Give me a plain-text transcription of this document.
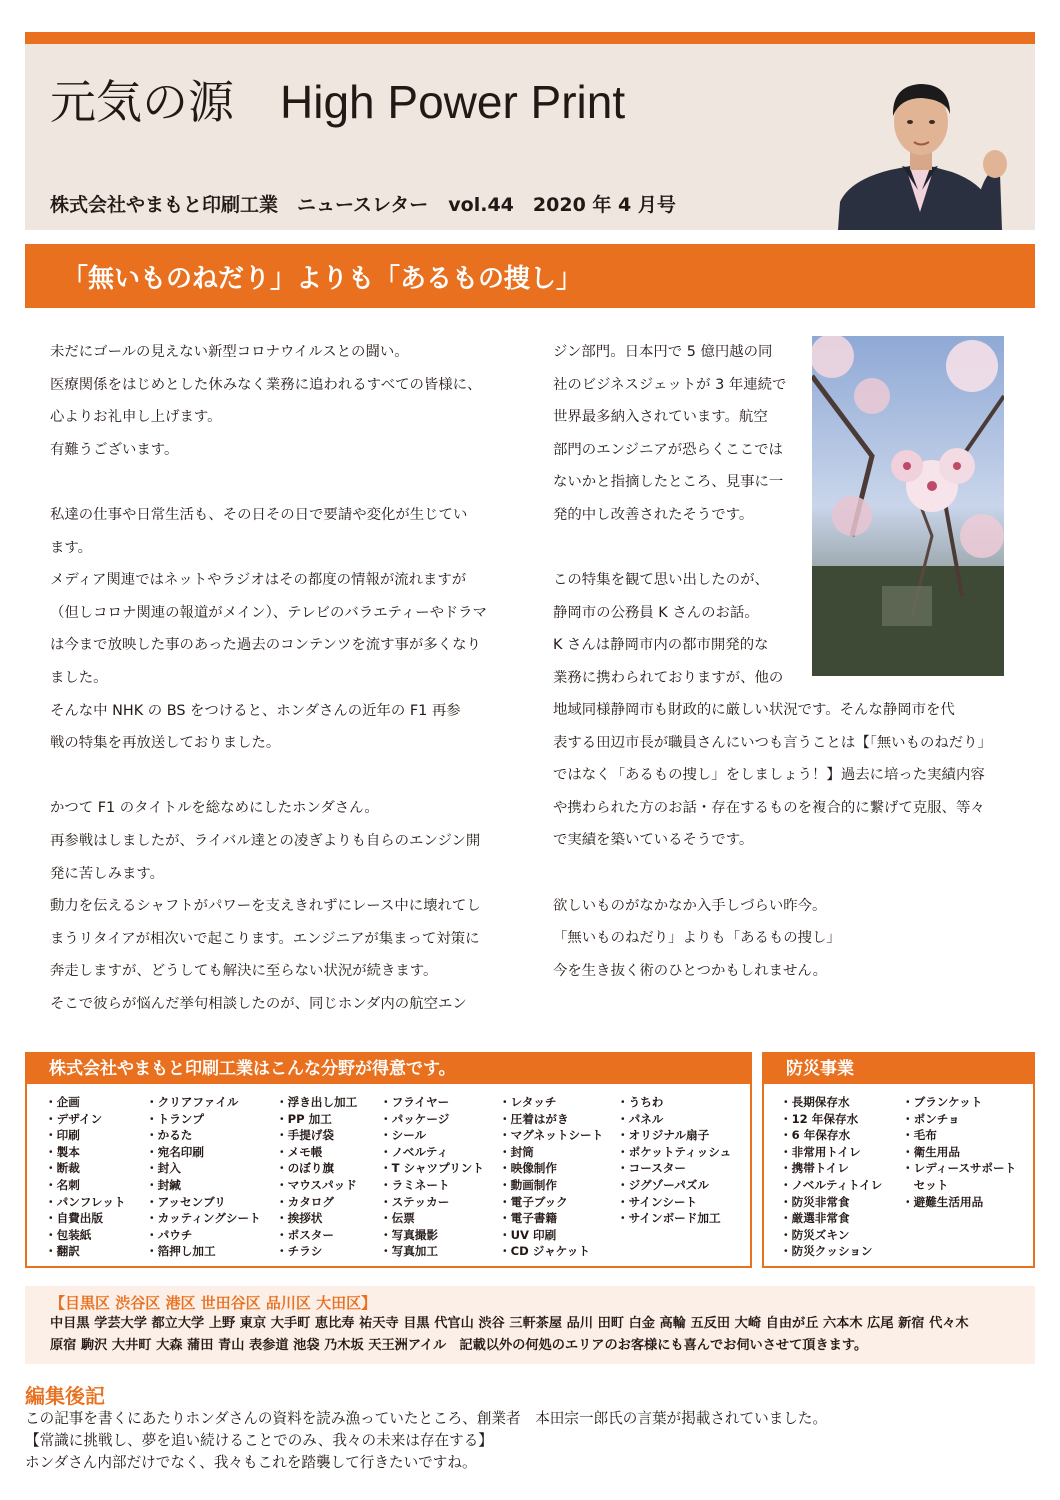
元気の源　High Power Print
株式会社やまもと印刷工業　ニュースレター vol.44　2020 年 4 月号
「無いものねだり」よりも「あるもの捜し」

未だにゴールの見えない新型コロナウイルスとの闘い。

医療関係をはじめとした休みなく業務に追われるすべての皆様に、

心よりお礼申し上げます。

有難うございます。

私達の仕事や日常生活も、その日その日で要請や変化が生じてい

ます。

メディア関連ではネットやラジオはその都度の情報が流れますが

（但しコロナ関連の報道がメイン）、テレビのバラエティーやドラマ

は今まで放映した事のあった過去のコンテンツを流す事が多くなり

ました。

そんな中 NHK の BS をつけると、ホンダさんの近年の F1 再参

戦の特集を再放送しておりました。

かつて F1 のタイトルを総なめにしたホンダさん。

再参戦はしましたが、ライバル達との凌ぎよりも自らのエンジン開

発に苦しみます。

動力を伝えるシャフトがパワーを支えきれずにレース中に壊れてし

まうリタイアが相次いで起こります。エンジニアが集まって対策に

奔走しますが、どうしても解決に至らない状況が続きます。

そこで彼らが悩んだ挙句相談したのが、同じホンダ内の航空エン

ジン部門。日本円で 5 億円越の同

社のビジネスジェットが 3 年連続で

世界最多納入されています。航空

部門のエンジニアが恐らくここでは

ないかと指摘したところ、見事に一

発的中し改善されたそうです。

この特集を観て思い出したのが、

静岡市の公務員 K さんのお話。

K さんは静岡市内の都市開発的な

業務に携わられておりますが、他の

地域同様静岡市も財政的に厳しい状況です。そんな静岡市を代

表する田辺市長が職員さんにいつも言うことは【「無いものねだり」

ではなく「あるもの捜し」をしましょう！】過去に培った実績内容

や携わられた方のお話・存在するものを複合的に繋げて克服、等々

で実績を築いているそうです。

欲しいものがなかなか入手しづらい昨今。

「無いものねだり」よりも「あるもの捜し」

今を生き抜く術のひとつかもしれません。

株式会社やまもと印刷工業はこんな分野が得意です。
・企画
・デザイン
・印刷
・製本
・断裁
・名刺
・パンフレット
・自費出版
・包装紙
・翻訳
・クリアファイル
・トランプ
・かるた
・宛名印刷
・封入
・封緘
・アッセンブリ
・カッティングシート
・パウチ
・箔押し加工
・浮き出し加工
・PP 加工
・手提げ袋
・メモ帳
・のぼり旗
・マウスパッド
・カタログ
・挨拶状
・ポスター
・チラシ
・フライヤー
・パッケージ
・シール
・ノベルティ
・T シャツプリント
・ラミネート
・ステッカー
・伝票
・写真撮影
・写真加工
・レタッチ
・圧着はがき
・マグネットシート
・封筒
・映像制作
・動画制作
・電子ブック
・電子書籍
・UV 印刷
・CD ジャケット
・うちわ
・パネル
・オリジナル扇子
・ポケットティッシュ
・コースター
・ジグゾーパズル
・サインシート
・サインボード加工
防災事業
・長期保存水
・12 年保存水
・6 年保存水
・非常用トイレ
・携帯トイレ
・ノベルティトイレ
・防災非常食
・厳選非常食
・防災ズキン
・防災クッション
・ブランケット
・ポンチョ
・毛布
・衛生用品
・レディースサポート
　セット
・避難生活用品
【目黒区 渋谷区 港区 世田谷区 品川区 大田区】
中目黒 学芸大学 都立大学 上野 東京 大手町 恵比寿 祐天寺 目黒 代官山 渋谷 三軒茶屋 品川 田町 白金 高輪 五反田 大崎 自由が丘 六本木 広尾 新宿 代々木
原宿 駒沢 大井町 大森 蒲田 青山 表参道 池袋 乃木坂 天王洲アイル　記載以外の何処のエリアのお客様にも喜んでお伺いさせて頂きます。
編集後記

この記事を書くにあたりホンダさんの資料を読み漁っていたところ、創業者　本田宗一郎氏の言葉が掲載されていました。

【常識に挑戦し、夢を追い続けることでのみ、我々の未来は存在する】

ホンダさん内部だけでなく、我々もこれを踏襲して行きたいですね。
